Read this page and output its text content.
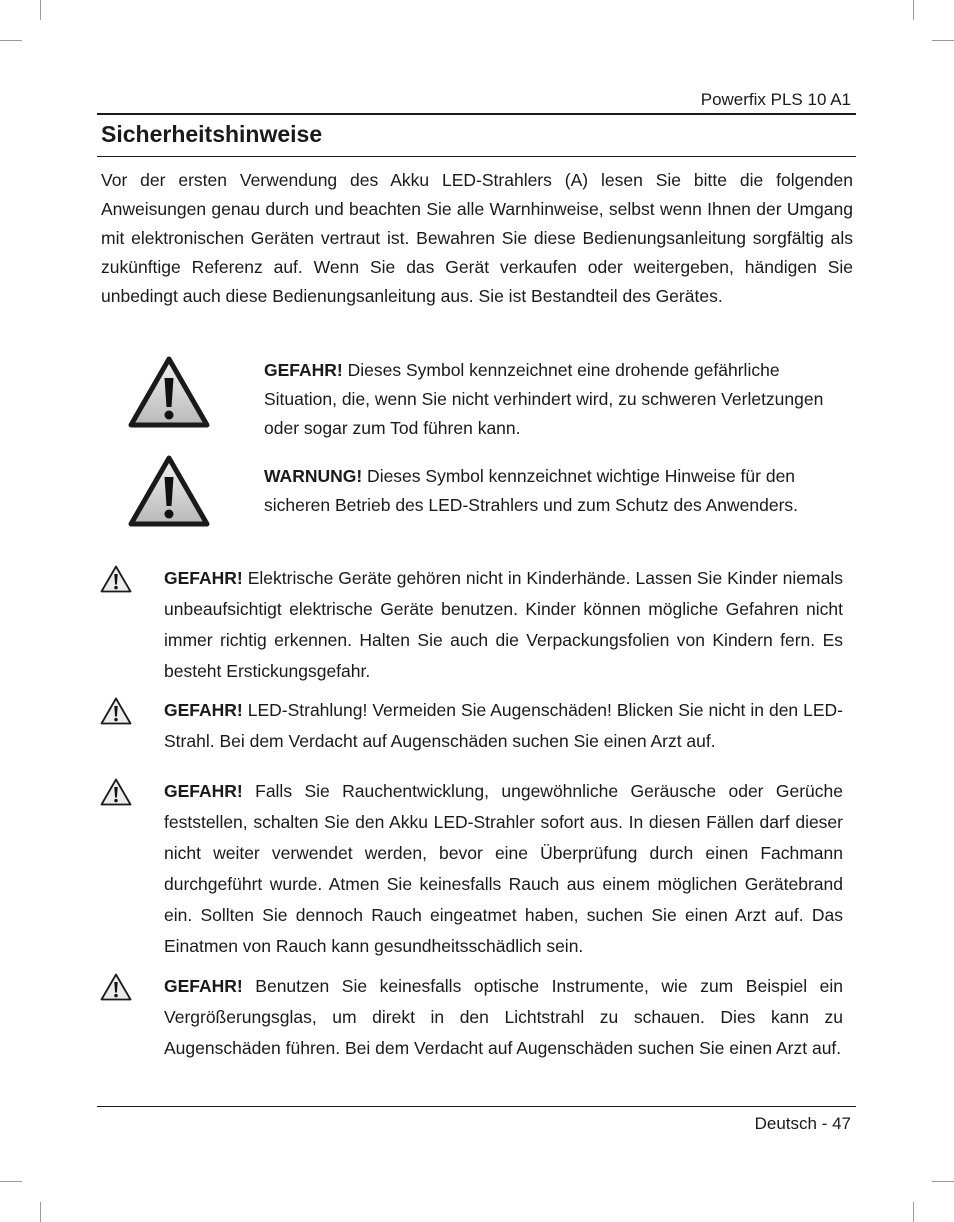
Powerfix PLS 10 A1

Sicherheitshinweise

Vor der ersten Verwendung des Akku LED-Strahlers (A) lesen Sie bitte die folgenden Anweisungen genau durch und beachten Sie alle Warnhinweise, selbst wenn Ihnen der Umgang mit elektronischen Geräten vertraut ist. Bewahren Sie diese Bedienungsanleitung sorgfältig als zukünftige Referenz auf. Wenn Sie das Gerät verkaufen oder weitergeben, händigen Sie unbedingt auch diese Bedienungsanleitung aus. Sie ist Bestandteil des Gerätes.

GEFAHR! Dieses Symbol kennzeichnet eine drohende gefährliche Situation, die, wenn Sie nicht verhindert wird, zu schweren Verletzungen oder sogar zum Tod führen kann.

WARNUNG! Dieses Symbol kennzeichnet wichtige Hinweise für den sicheren Betrieb des LED-Strahlers und zum Schutz des Anwenders.

GEFAHR! Elektrische Geräte gehören nicht in Kinderhände. Lassen Sie Kinder niemals unbeaufsichtigt elektrische Geräte benutzen. Kinder können mögliche Gefahren nicht immer richtig erkennen. Halten Sie auch die Verpackungsfolien von Kindern fern. Es besteht Erstickungsgefahr.

GEFAHR! LED-Strahlung! Vermeiden Sie Augenschäden! Blicken Sie nicht in den LED-Strahl. Bei dem Verdacht auf Augenschäden suchen Sie einen Arzt auf.

GEFAHR! Falls Sie Rauchentwicklung, ungewöhnliche Geräusche oder Gerüche feststellen, schalten Sie den Akku LED-Strahler sofort aus. In diesen Fällen darf dieser nicht weiter verwendet werden, bevor eine Überprüfung durch einen Fachmann durchgeführt wurde. Atmen Sie keinesfalls Rauch aus einem möglichen Gerätebrand ein. Sollten Sie dennoch Rauch eingeatmet haben, suchen Sie einen Arzt auf. Das Einatmen von Rauch kann gesundheitsschädlich sein.

GEFAHR! Benutzen Sie keinesfalls optische Instrumente, wie zum Beispiel ein Vergrößerungsglas, um direkt in den Lichtstrahl zu schauen. Dies kann zu Augenschäden führen. Bei dem Verdacht auf Augenschäden suchen Sie einen Arzt auf.

Deutsch - 47
